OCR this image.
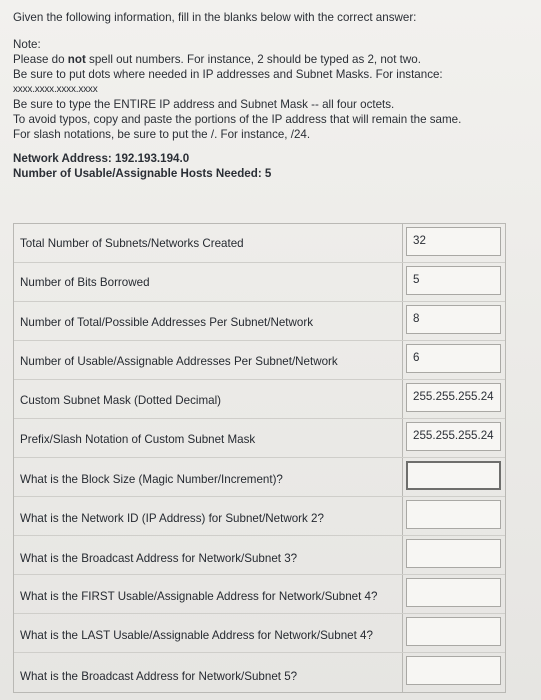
Given the following information, fill in the blanks below with the correct answer:

Note:

Please do not spell out numbers. For instance, 2 should be typed as 2, not two.

Be sure to put dots where needed in IP addresses and Subnet Masks. For instance:

xxxx.xxxx.xxxx.xxxx

Be sure to type the ENTIRE IP address and Subnet Mask -- all four octets.

To avoid typos, copy and paste the portions of the IP address that will remain the same.

For slash notations, be sure to put the /. For instance, /24.

Network Address: 192.193.194.0

Number of Usable/Assignable Hosts Needed: 5

Total Number of Subnets/Networks Created	32
Number of Bits Borrowed	5
Number of Total/Possible Addresses Per Subnet/Network	8
Number of Usable/Assignable Addresses Per Subnet/Network	6
Custom Subnet Mask (Dotted Decimal)	255.255.255.24
Prefix/Slash Notation of Custom Subnet Mask	255.255.255.24
What is the Block Size (Magic Number/Increment)?
What is the Network ID (IP Address) for Subnet/Network 2?
What is the Broadcast Address for Network/Subnet 3?
What is the FIRST Usable/Assignable Address for Network/Subnet 4?
What is the LAST Usable/Assignable Address for Network/Subnet 4?
What is the Broadcast Address for Network/Subnet 5?
